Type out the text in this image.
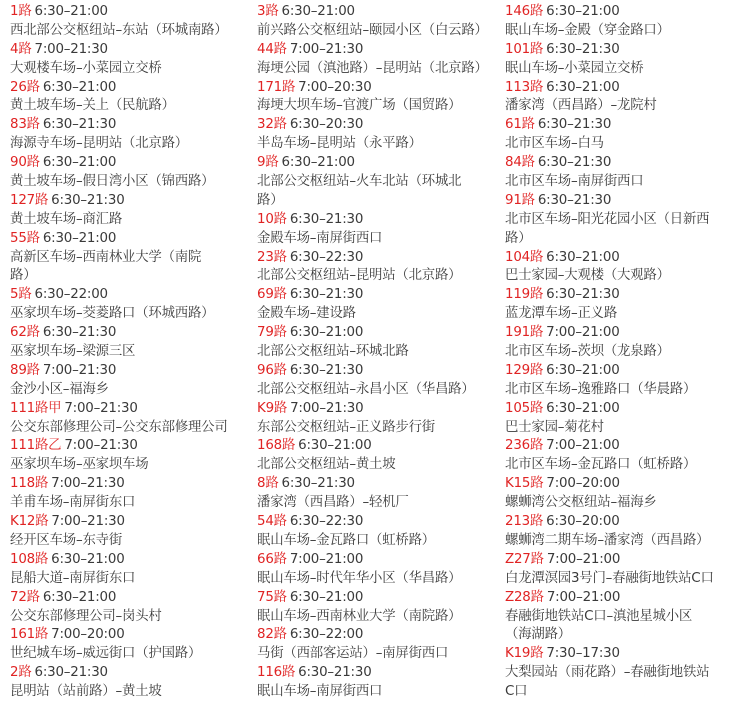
1路 6:30–21:00
西北部公交枢纽站–东站（环城南路）
4路 7:00–21:30
大观楼车场–小菜园立交桥
26路 6:30–21:00
黄土坡车场–关上（民航路）
83路 6:30–21:30
海源寺车场–昆明站（北京路）
90路 6:30–21:00
黄土坡车场–假日湾小区（锦西路）
127路 6:30–21:30
黄土坡车场–商汇路
55路 6:30–21:00
高新区车场–西南林业大学（南院
路）
5路 6:30–22:00
巫家坝车场–茭菱路口（环城西路）
62路 6:30–21:30
巫家坝车场–梁源三区
89路 7:00–21:30
金沙小区–福海乡
111路甲 7:00–21:30
公交东部修理公司–公交东部修理公司
111路乙 7:00–21:30
巫家坝车场–巫家坝车场
118路 7:00–21:30
羊甫车场–南屏街东口
K12路 7:00–21:30
经开区车场–东寺街
108路 6:30–21:00
昆船大道–南屏街东口
72路 6:30–21:00
公交东部修理公司–岗头村
161路 7:00–20:00
世纪城车场–威远街口（护国路）
2路 6:30–21:30
昆明站（站前路）–黄土坡
3路 6:30–21:00
前兴路公交枢纽站–颐园小区（白云路）
44路 7:00–21:30
海埂公园（滇池路）–昆明站（北京路）
171路 7:00–20:30
海埂大坝车场–官渡广场（国贸路）
32路 6:30–20:30
半岛车场–昆明站（永平路）
9路 6:30–21:00
北部公交枢纽站–火车北站（环城北
路）
10路 6:30–21:30
金殿车场–南屏街西口
23路 6:30–22:30
北部公交枢纽站–昆明站（北京路）
69路 6:30–21:30
金殿车场–建设路
79路 6:30–21:00
北部公交枢纽站–环城北路
96路 6:30–21:30
北部公交枢纽站–永昌小区（华昌路）
K9路 7:00–21:30
东部公交枢纽站–正义路步行街
168路 6:30–21:00
北部公交枢纽站–黄土坡
8路 6:30–21:30
潘家湾（西昌路）–轻机厂
54路 6:30–22:30
眠山车场–金瓦路口（虹桥路）
66路 7:00–21:00
眠山车场–时代年华小区（华昌路）
75路 6:30–21:00
眠山车场–西南林业大学（南院路）
82路 6:30–22:00
马街（西部客运站）–南屏街西口
116路 6:30–21:30
眠山车场–南屏街西口
146路 6:30–21:00
眠山车场–金殿（穿金路口）
101路 6:30–21:30
眠山车场–小菜园立交桥
113路 6:30–21:00
潘家湾（西昌路）–龙院村
61路 6:30–21:30
北市区车场–白马
84路 6:30–21:30
北市区车场–南屏街西口
91路 6:30–21:30
北市区车场–阳光花园小区（日新西
路）
104路 6:30–21:00
巴士家园–大观楼（大观路）
119路 6:30–21:30
蓝龙潭车场–正义路
191路 7:00–21:00
北市区车场–茨坝（龙泉路）
129路 6:30–21:00
北市区车场–逸雅路口（华晨路）
105路 6:30–21:00
巴士家园–菊花村
236路 7:00–21:00
北市区车场–金瓦路口（虹桥路）
K15路 7:00–20:00
螺蛳湾公交枢纽站–福海乡
213路 6:30–20:00
螺蛳湾二期车场–潘家湾（西昌路）
Z27路 7:00–21:00
白龙潭溟园3号门–春融街地铁站C口
Z28路 7:00–21:00
春融街地铁站C口–滇池星城小区
（海湖路）
K19路 7:30–17:30
大梨园站（雨花路）–春融街地铁站
C口
